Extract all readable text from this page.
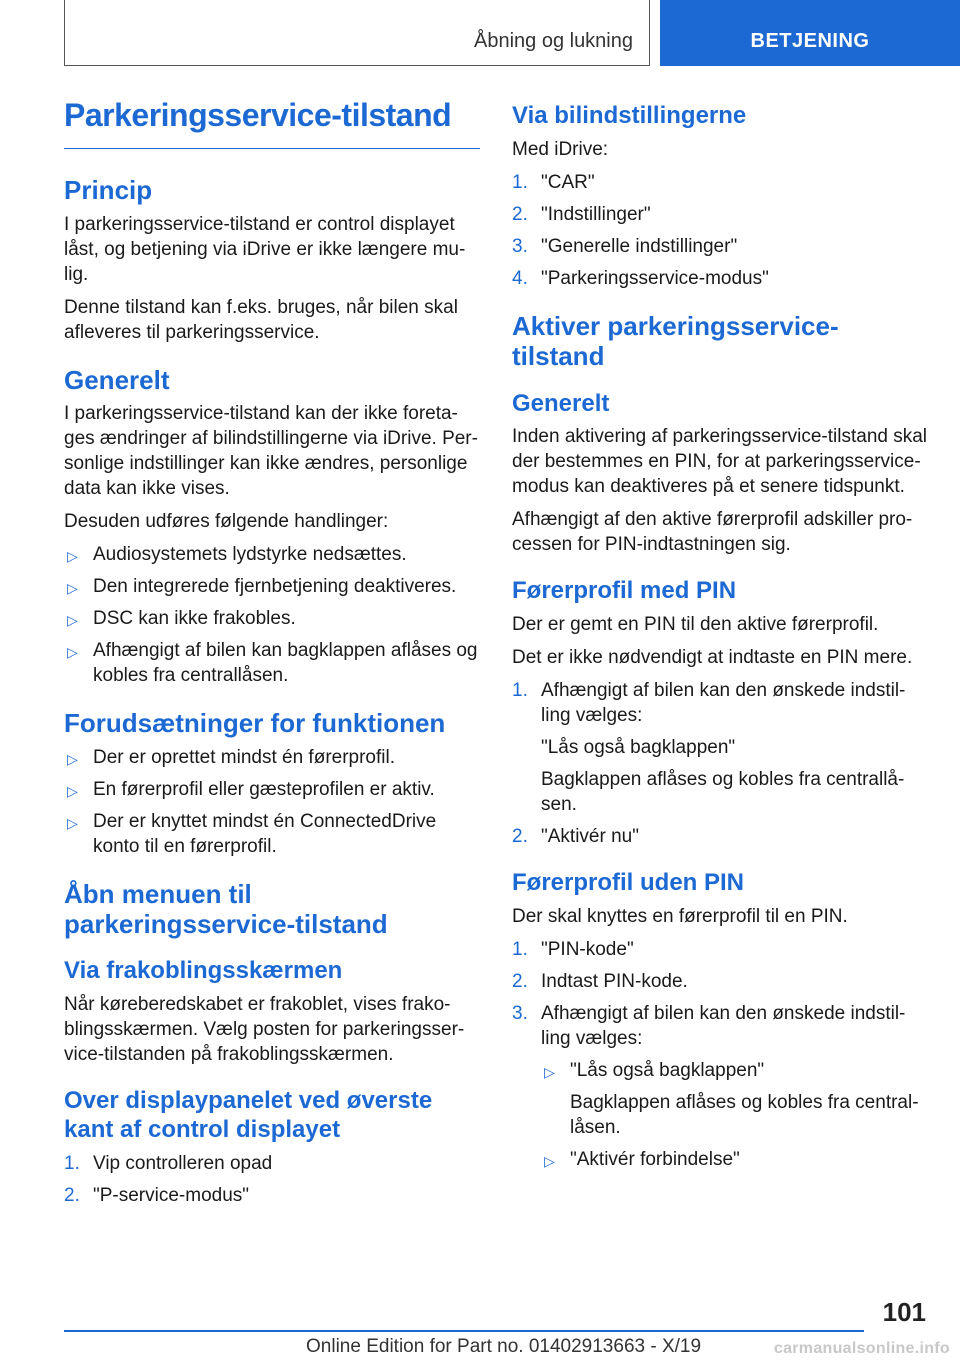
Åbning og lukning	BETJENING
Parkeringsservice-tilstand
Princip

I parkeringsservice-tilstand er control displayet låst, og betjening via iDrive er ikke længere mu‐lig.

Denne tilstand kan f.eks. bruges, når bilen skal afleveres til parkeringsservice.

Generelt

I parkeringsservice-tilstand kan der ikke foreta‐ges ændringer af bilindstillingerne via iDrive. Per‐sonlige indstillinger kan ikke ændres, personlige data kan ikke vises.

Desuden udføres følgende handlinger:

▷ Audiosystemets lydstyrke nedsættes.
▷ Den integrerede fjernbetjening deaktiveres.
▷ DSC kan ikke frakobles.
▷ Afhængigt af bilen kan bagklappen aflåses og kobles fra centrallåsen.
Forudsætninger for funktionen
▷ Der er oprettet mindst én førerprofil.
▷ En førerprofil eller gæsteprofilen er aktiv.
▷ Der er knyttet mindst én ConnectedDrive konto til en førerprofil.
Åbn menuen til parkeringsservice-tilstand
Via frakoblingsskærmen

Når køreberedskabet er frakoblet, vises frako‐blingsskærmen. Vælg posten for parkeringsser‐vice-tilstanden på frakoblingsskærmen.

Over displaypanelet ved øverste kant af control displayet
1. Vip controlleren opad
2. "P-service-modus"
Via bilindstillingerne

Med iDrive:

1. "CAR"
2. "Indstillinger"
3. "Generelle indstillinger"
4. "Parkeringsservice-modus"
Aktiver parkeringsservice-tilstand
Generelt

Inden aktivering af parkeringsservice-tilstand skal der bestemmes en PIN, for at parkeringsservice-modus kan deaktiveres på et senere tidspunkt.

Afhængigt af den aktive førerprofil adskiller pro‐cessen for PIN-indtastningen sig.

Førerprofil med PIN

Der er gemt en PIN til den aktive førerprofil.

Det er ikke nødvendigt at indtaste en PIN mere.

1. Afhængigt af bilen kan den ønskede indstil‐ling vælges:
"Lås også bagklappen"
Bagklappen aflåses og kobles fra centrallå‐sen.
2. "Aktivér nu"
Førerprofil uden PIN

Der skal knyttes en førerprofil til en PIN.

1. "PIN-kode"
2. Indtast PIN-kode.
3. Afhængigt af bilen kan den ønskede indstil‐ling vælges:
▷ "Lås også bagklappen"
Bagklappen aflåses og kobles fra central‐låsen.
▷ "Aktivér forbindelse"
101
Online Edition for Part no. 01402913663 - X/19	carmanualsonline.info
